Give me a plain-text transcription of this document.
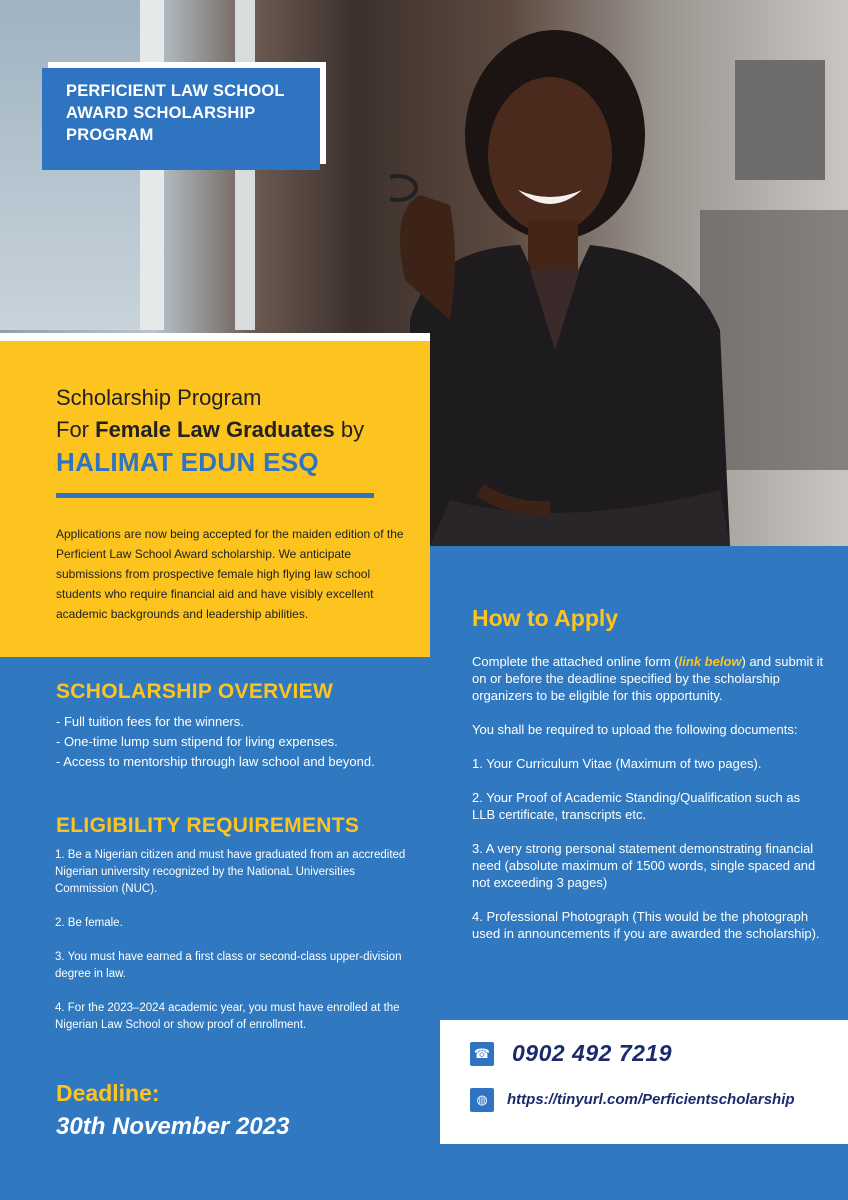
PERFICIENT LAW SCHOOL
AWARD SCHOLARSHIP
PROGRAM
Scholarship Program
For Female Law Graduates by
HALIMAT EDUN ESQ
Applications are now being accepted for the maiden edition of the Perficient Law School Award scholarship. We anticipate submissions from prospective female high flying law school students who require financial aid and have visibly excellent academic backgrounds and leadership abilities.
SCHOLARSHIP OVERVIEW
- Full tuition fees for the winners.
- One-time lump sum stipend for living expenses.
- Access to mentorship through law school and beyond.
ELIGIBILITY REQUIREMENTS
1. Be a Nigerian citizen and must have graduated from an accredited Nigerian university recognized by the NationaL Universities Commission (NUC).
2. Be female.
3. You must have earned a first class or second-class upper-division degree in law.
4. For the 2023–2024 academic year, you must have enrolled at the Nigerian Law School or show proof of enrollment.
Deadline:
30th November 2023
How to Apply

Complete the attached online form (link below) and submit it on or before the deadline specified by the scholarship organizers to be eligible for this opportunity.

You shall be required to upload the following documents:

1. Your Curriculum Vitae (Maximum of two pages).

2. Your Proof of Academic Standing/Qualification such as LLB certificate, transcripts etc.

3. A very strong personal statement demonstrating financial need (absolute maximum of 1500 words, single spaced and not exceeding 3 pages)

4. Professional Photograph (This would be the photograph used in announcements if you are awarded the scholarship).

☎ 0902 492 7219
◍	https://tinyurl.com/Perficientscholarship
